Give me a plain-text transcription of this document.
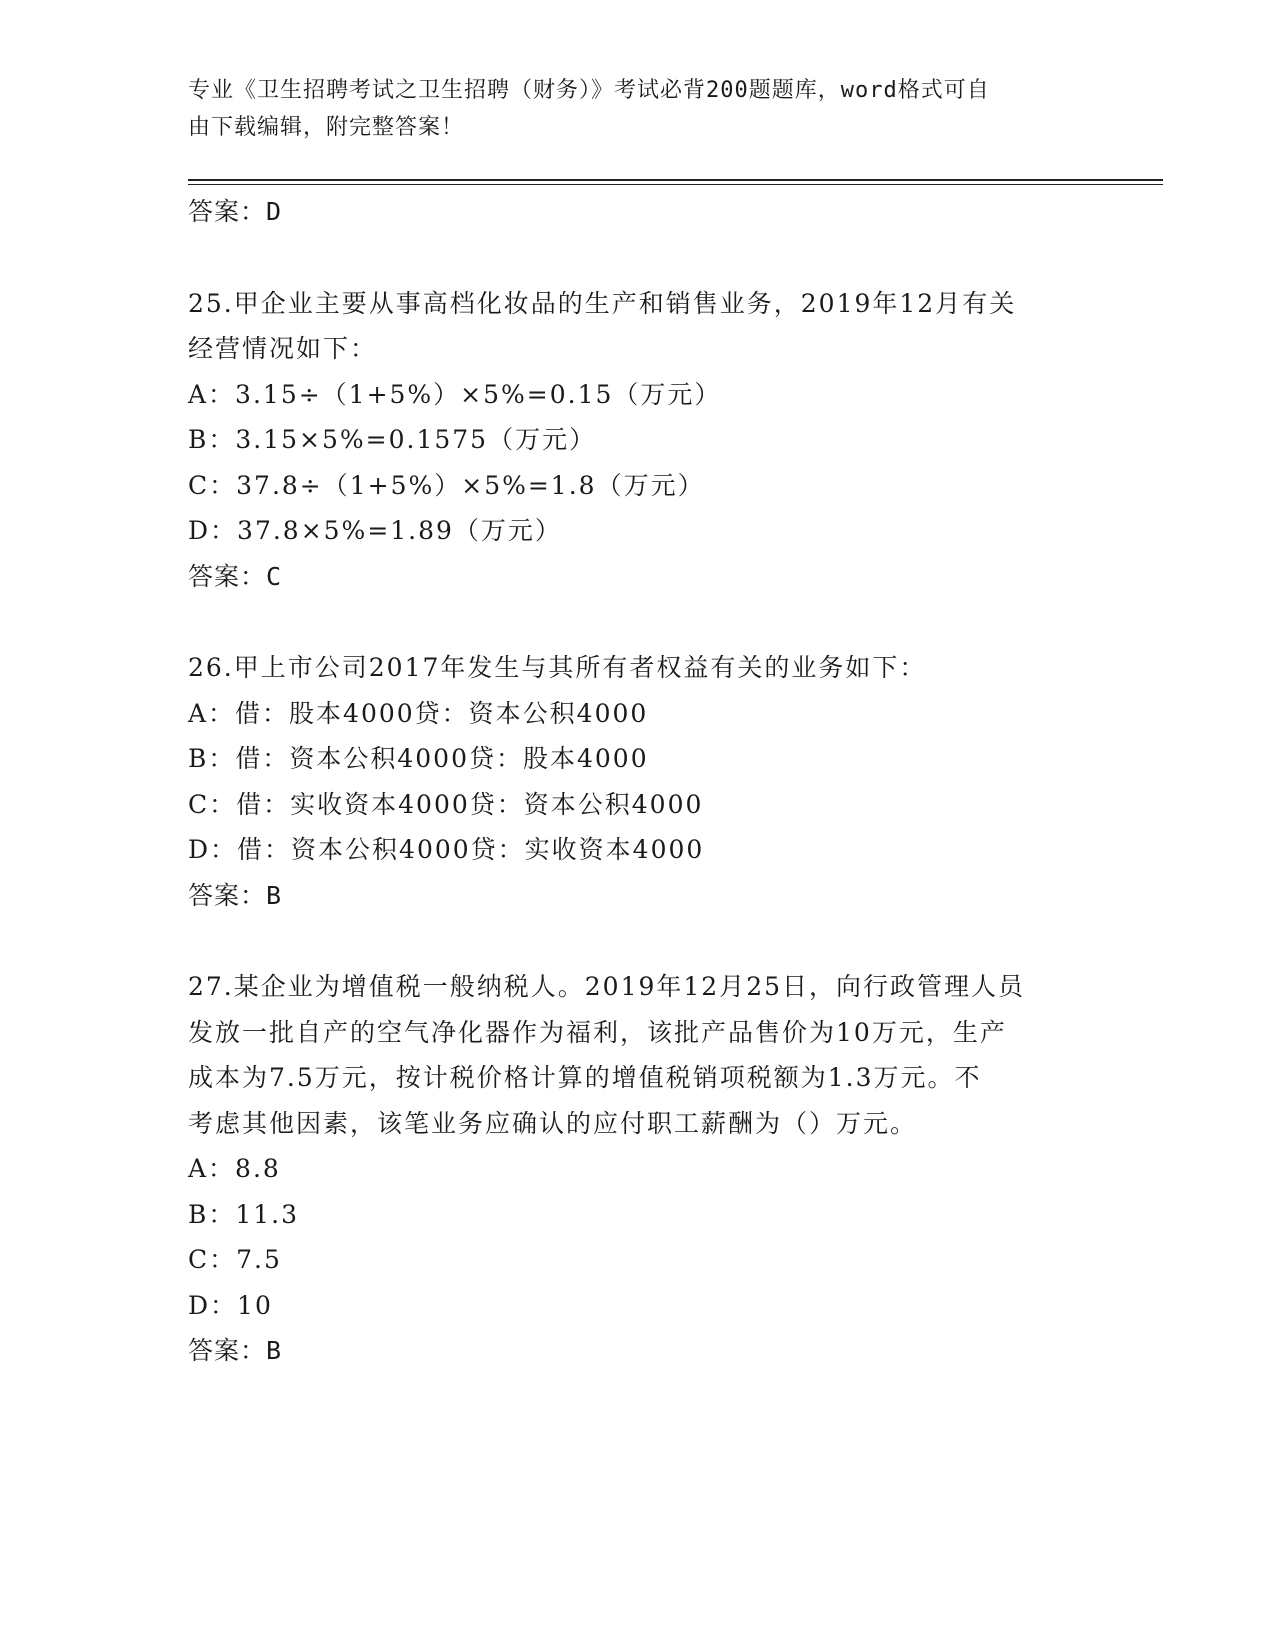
专业《卫生招聘考试之卫生招聘（财务）》考试必背200题题库，word格式可自
由下载编辑，附完整答案！
答案：D
25.甲企业主要从事高档化妆品的生产和销售业务，2019年12月有关
经营情况如下：
A：3.15÷（1+5%）×5%=0.15（万元）
B：3.15×5%=0.1575（万元）
C：37.8÷（1+5%）×5%=1.8（万元）
D：37.8×5%=1.89（万元）
答案：C
26.甲上市公司2017年发生与其所有者权益有关的业务如下：
A：借：股本4000贷：资本公积4000
B：借：资本公积4000贷：股本4000
C：借：实收资本4000贷：资本公积4000
D：借：资本公积4000贷：实收资本4000
答案：B
27.某企业为增值税一般纳税人。2019年12月25日，向行政管理人员
发放一批自产的空气净化器作为福利，该批产品售价为10万元，生产
成本为7.5万元，按计税价格计算的增值税销项税额为1.3万元。不
考虑其他因素，该笔业务应确认的应付职工薪酬为（）万元。
A：8.8
B：11.3
C：7.5
D：10
答案：B
